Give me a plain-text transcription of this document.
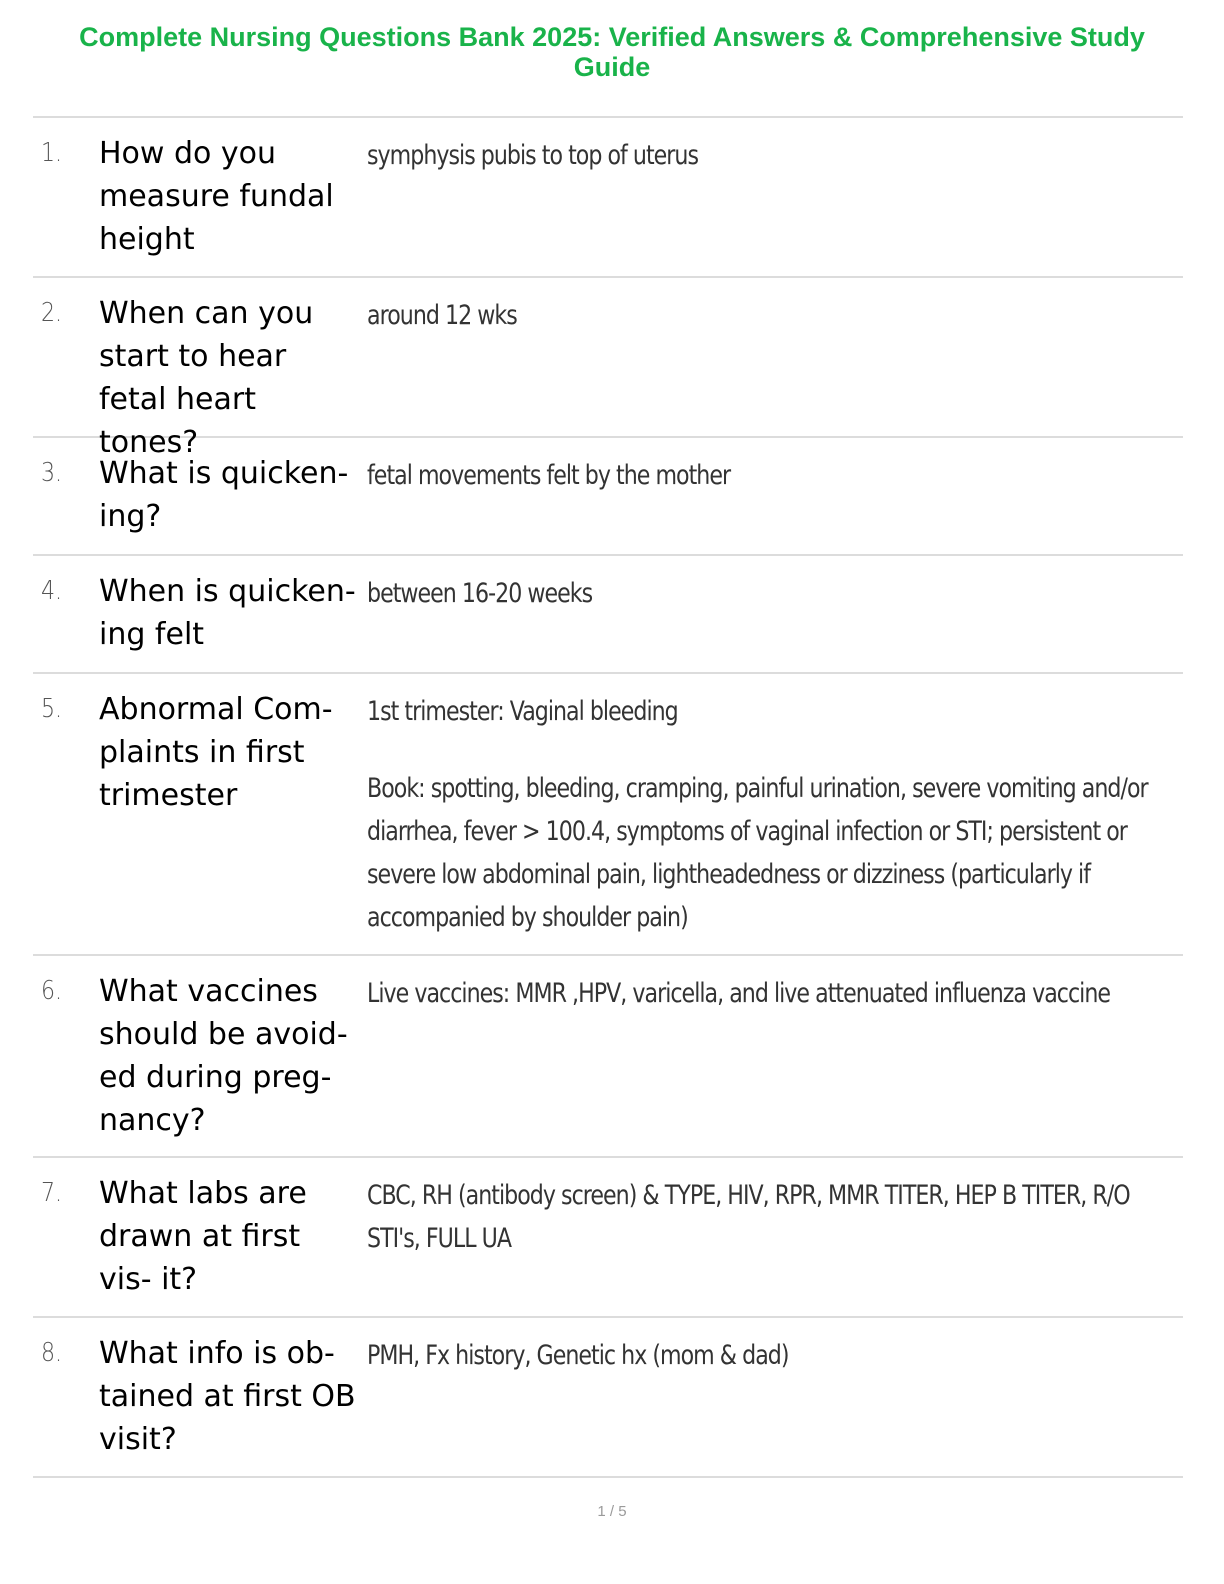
Complete Nursing Questions Bank 2025: Verified Answers & Comprehensive Study Guide
1. How do you measure fundal height

symphysis pubis to top of uterus

2. When can you start to hear fetal heart tones?

around 12 wks

3. What is quicken- ing?

fetal movements felt by the mother

4. When is quicken- ing felt

between 16-20 weeks

5. Abnormal Com- plaints in first trimester

1st trimester: Vaginal bleeding

Book: spotting, bleeding, cramping, painful urination, severe vomiting and/or diarrhea, fever > 100.4, symptoms of vaginal infection or STI; persistent or severe low abdominal pain, lightheadedness or dizziness (particularly if accompanied by shoulder pain)

6. What vaccines should be avoid- ed during preg- nancy?

Live vaccines: MMR ,HPV, varicella, and live attenuated influenza vaccine

7. What labs are drawn at first vis- it?

CBC, RH (antibody screen) & TYPE, HIV, RPR, MMR TITER, HEP B TITER, R/O STI's, FULL UA

8. What info is ob- tained at first OB visit?

PMH, Fx history, Genetic hx (mom & dad)

1 / 5
